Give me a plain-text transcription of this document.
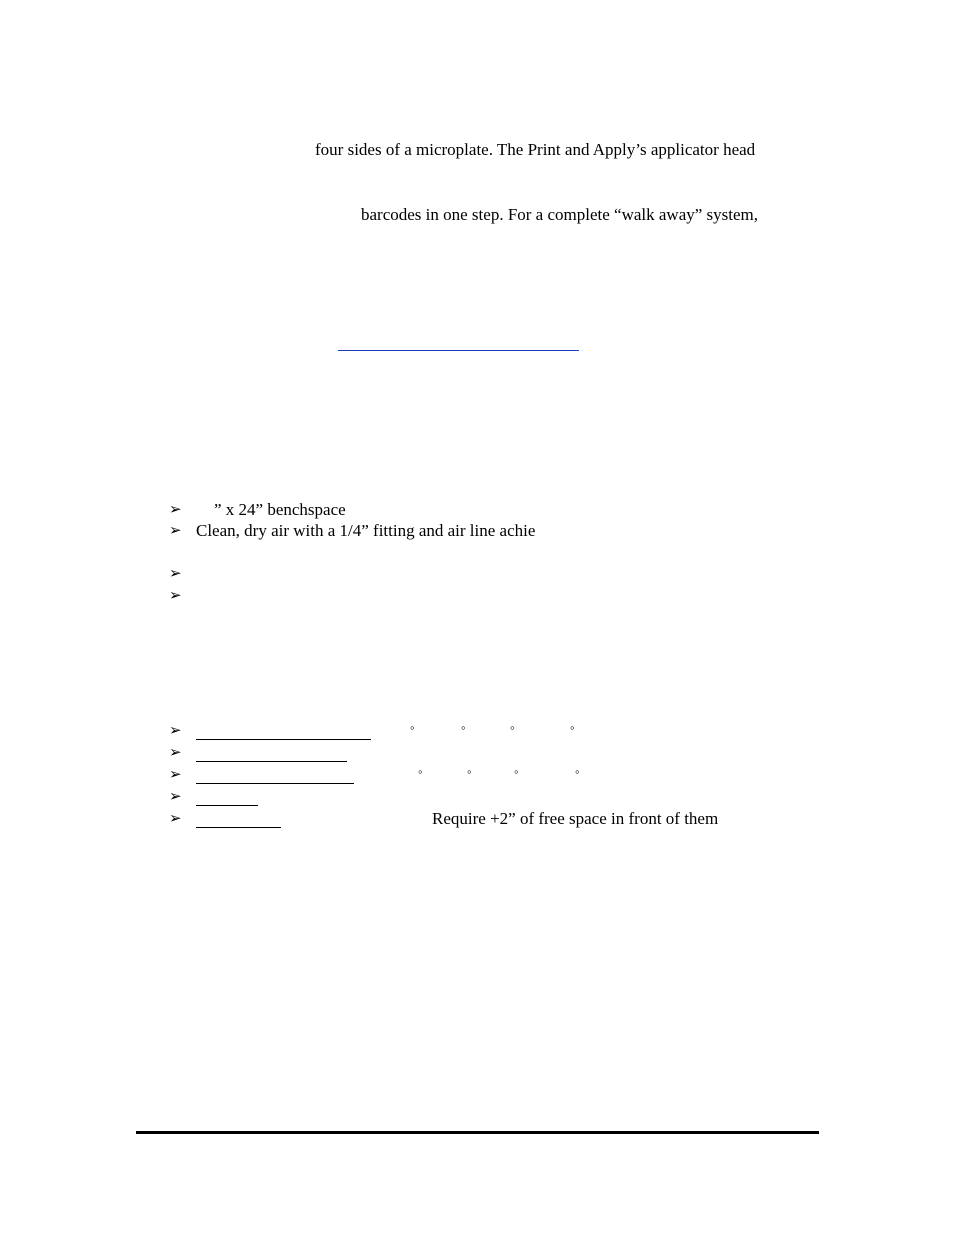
four sides of a microplate. The Print and Apply’s applicator head
barcodes in one step. For a complete “walk away” system,
➢ ” x 24” benchspace
➢ Clean, dry air with a 1/4” fitting and air line achie
➢
➢
➢	◦	◦	◦	◦
➢
➢	◦	◦	◦	◦
➢
➢	Require +2” of free space in front of them
